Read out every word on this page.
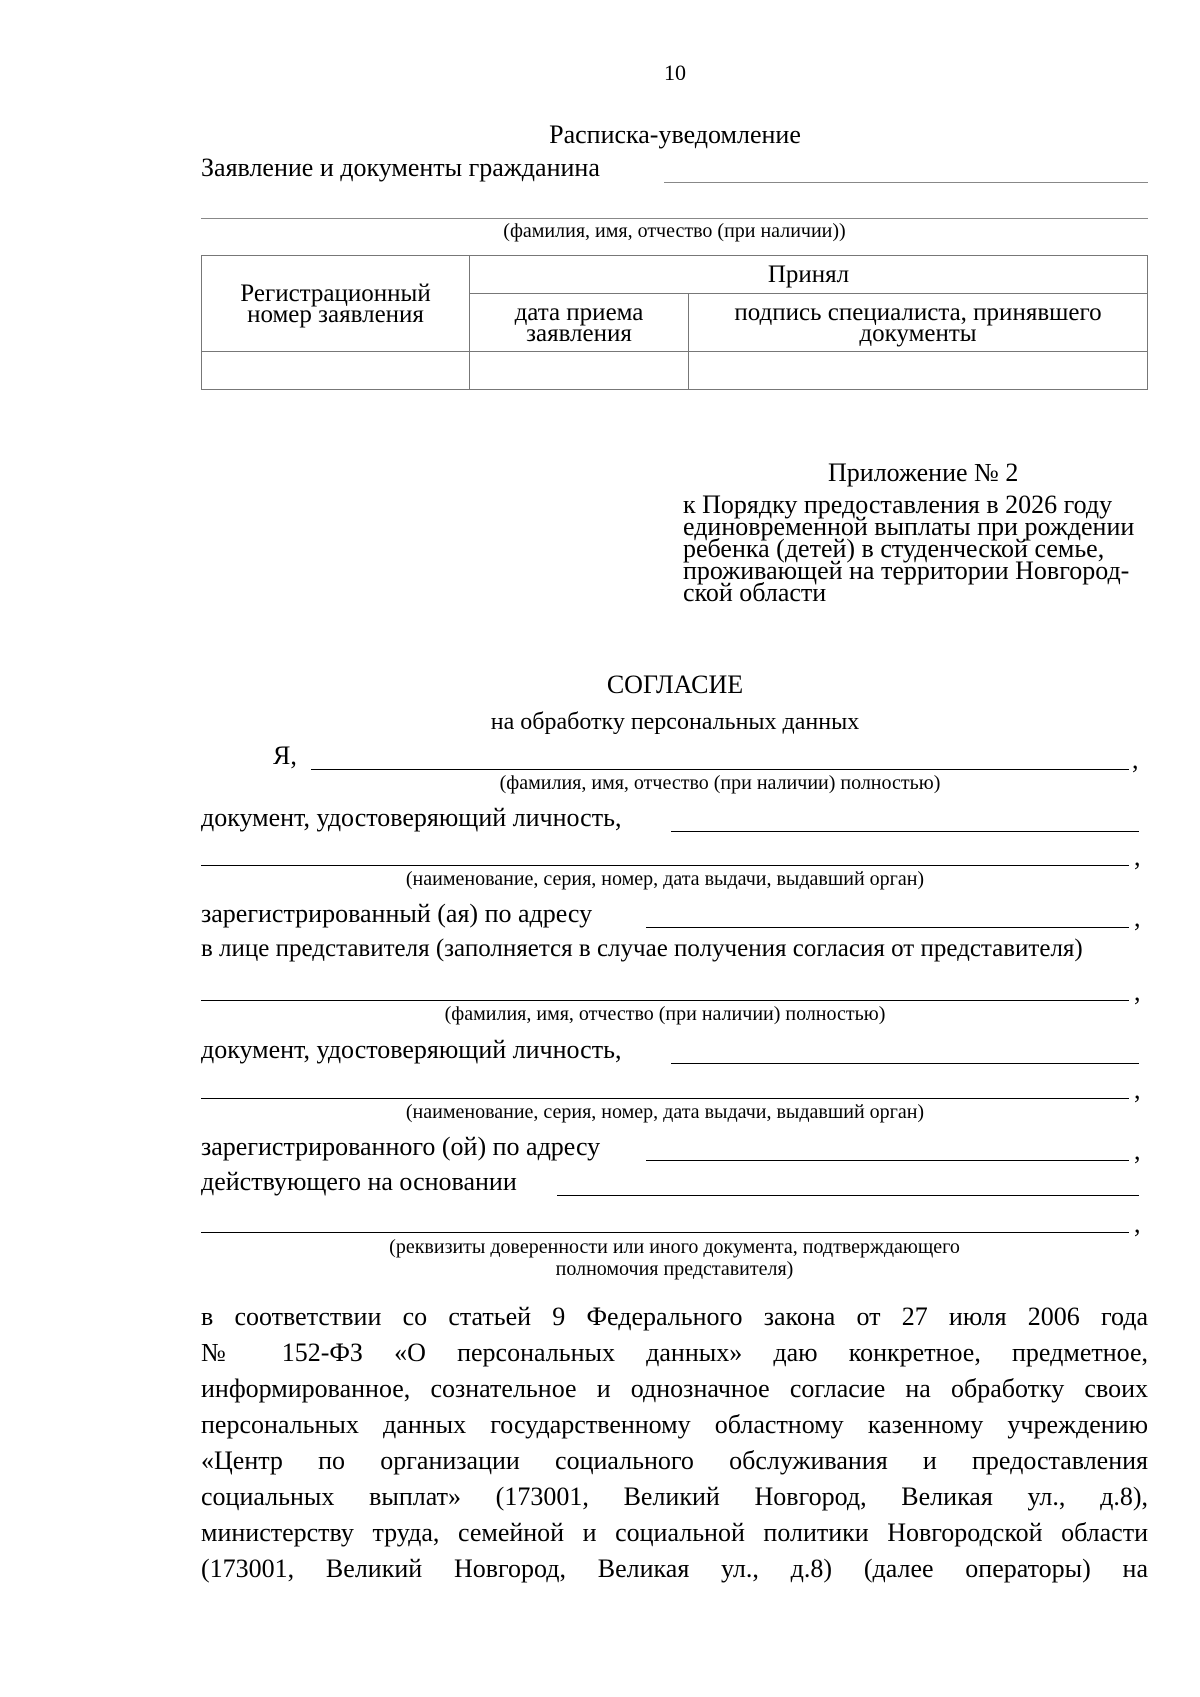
10
Расписка-уведомление
Заявление и документы гражданина
(фамилия, имя, отчество (при наличии))
Регистрационный номер заявления	Принял	
	дата приема заявления	подпись специалиста, принявшего документы

Приложение № 2
к Порядку предоставления в 2026 году
единовременной выплаты при рождении
ребенка (детей) в студенческой семье,
проживающей на территории Новгород-
ской области
СОГЛАСИЕ
на обработку персональных данных
Я,	,
(фамилия, имя, отчество (при наличии) полностью)
документ, удостоверяющий личность,
,
(наименование, серия, номер, дата выдачи, выдавший орган)
зарегистрированный (ая) по адресу	,
в лице представителя (заполняется в случае получения согласия от представителя)
,
(фамилия, имя, отчество (при наличии) полностью)
документ, удостоверяющий личность,
,
(наименование, серия, номер, дата выдачи, выдавший орган)
зарегистрированного (ой) по адресу	,
действующего на основании
,
(реквизиты доверенности или иного документа, подтверждающего
полномочия представителя)
в соответствии со статьей 9 Федерального закона от 27 июля 2006 года
№ 152-ФЗ «О персональных данных» даю конкретное, предметное,
информированное, сознательное и однозначное согласие на обработку своих
персональных данных государственному областному казенному учреждению
«Центр по организации социального обслуживания и предоставления
социальных выплат» (173001, Великий Новгород, Великая ул., д.8),
министерству труда, семейной и социальной политики Новгородской области
(173001, Великий Новгород, Великая ул., д.8) (далее операторы) на
